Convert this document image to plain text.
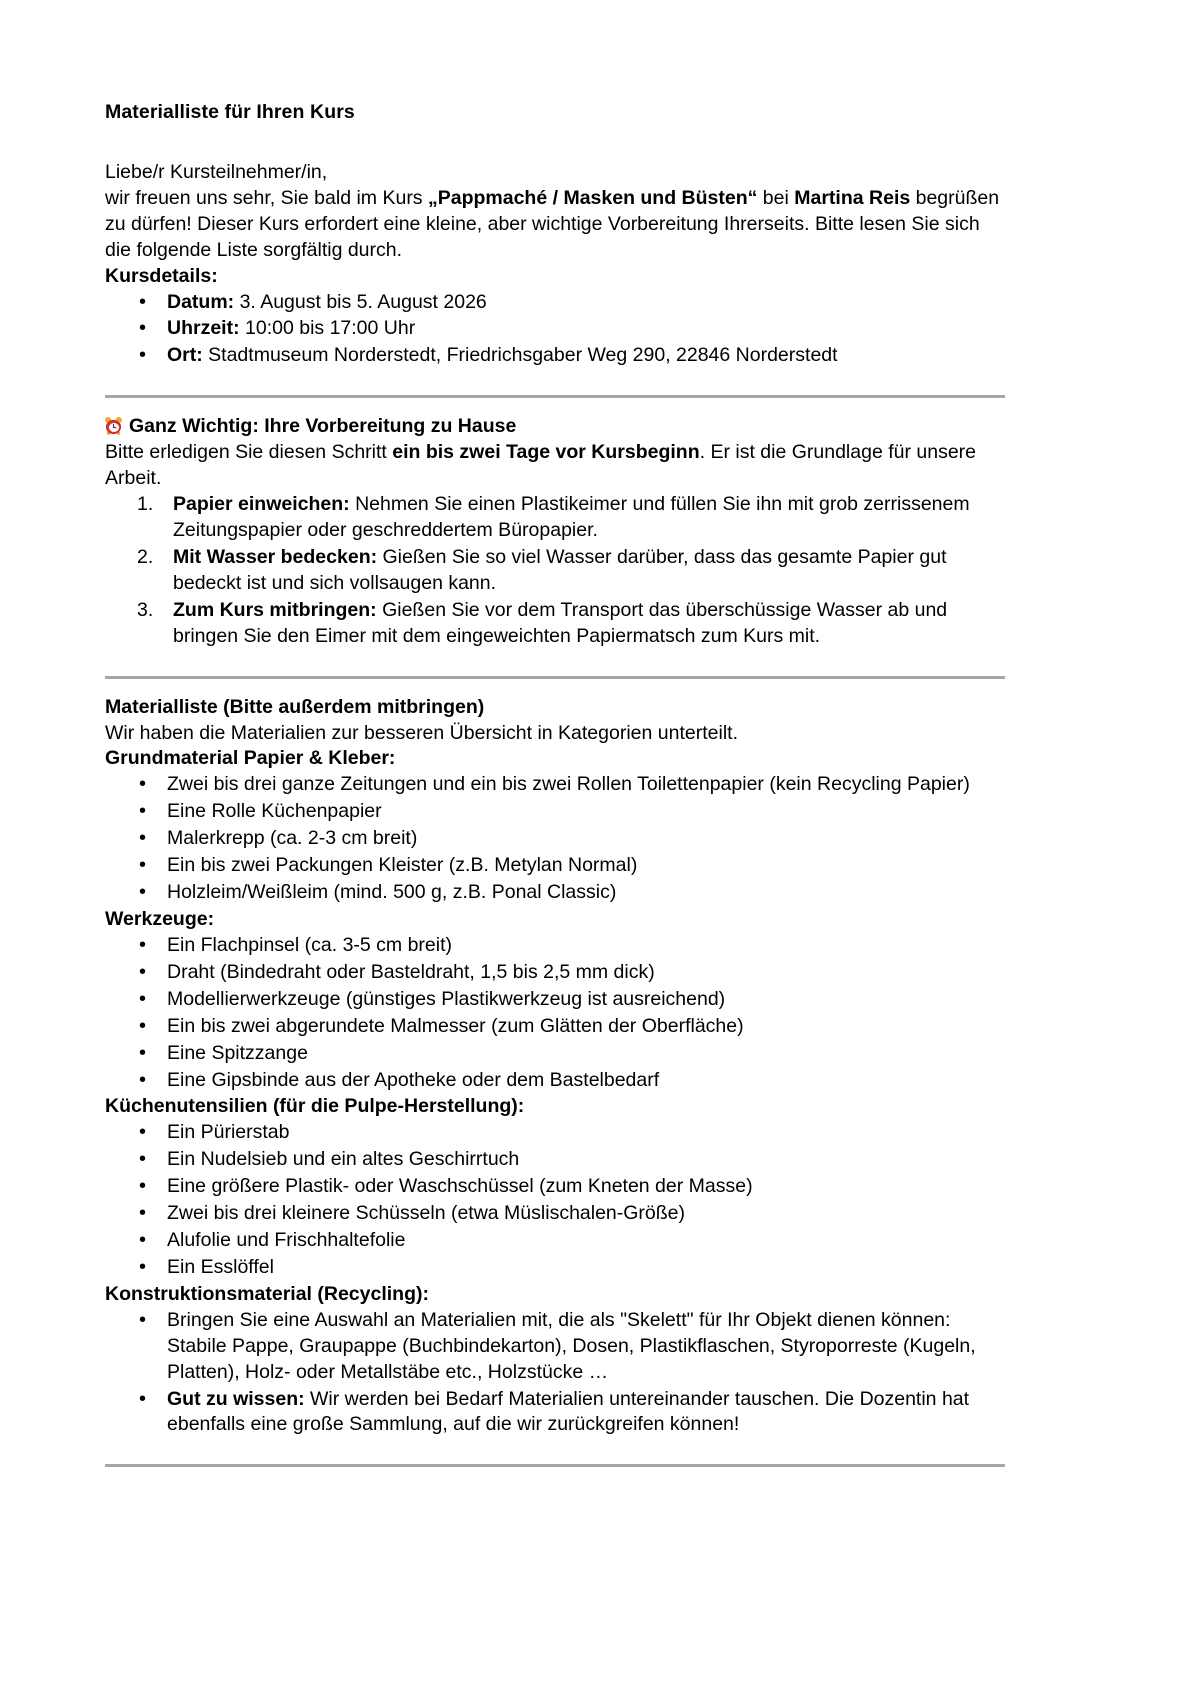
Materialliste für Ihren Kurs

Liebe/r Kursteilnehmer/in,

wir freuen uns sehr, Sie bald im Kurs „Pappmaché / Masken und Büsten“ bei Martina Reis begrüßen zu dürfen! Dieser Kurs erfordert eine kleine, aber wichtige Vorbereitung Ihrerseits. Bitte lesen Sie sich die folgende Liste sorgfältig durch.

Kursdetails:

• Datum: 3. August bis 5. August 2026
• Uhrzeit: 10:00 bis 17:00 Uhr
• Ort: Stadtmuseum Norderstedt, Friedrichsgaber Weg 290, 22846 Norderstedt

Ganz Wichtig: Ihre Vorbereitung zu Hause

Bitte erledigen Sie diesen Schritt ein bis zwei Tage vor Kursbeginn. Er ist die Grundlage für unsere Arbeit.

Papier einweichen: Nehmen Sie einen Plastikeimer und füllen Sie ihn mit grob zerrissenem Zeitungspapier oder geschreddertem Büropapier.
Mit Wasser bedecken: Gießen Sie so viel Wasser darüber, dass das gesamte Papier gut bedeckt ist und sich vollsaugen kann.
Zum Kurs mitbringen: Gießen Sie vor dem Transport das überschüssige Wasser ab und bringen Sie den Eimer mit dem eingeweichten Papiermatsch zum Kurs mit.

Materialliste (Bitte außerdem mitbringen)

Wir haben die Materialien zur besseren Übersicht in Kategorien unterteilt.

Grundmaterial Papier & Kleber:

• Zwei bis drei ganze Zeitungen und ein bis zwei Rollen Toilettenpapier (kein Recycling Papier)
• Eine Rolle Küchenpapier
• Malerkrepp (ca. 2-3 cm breit)
• Ein bis zwei Packungen Kleister (z.B. Metylan Normal)
• Holzleim/Weißleim (mind. 500 g, z.B. Ponal Classic)

Werkzeuge:

• Ein Flachpinsel (ca. 3-5 cm breit)
• Draht (Bindedraht oder Basteldraht, 1,5 bis 2,5 mm dick)
• Modellierwerkzeuge (günstiges Plastikwerkzeug ist ausreichend)
• Ein bis zwei abgerundete Malmesser (zum Glätten der Oberfläche)
• Eine Spitzzange
• Eine Gipsbinde aus der Apotheke oder dem Bastelbedarf

Küchenutensilien (für die Pulpe-Herstellung):

• Ein Pürierstab
• Ein Nudelsieb und ein altes Geschirrtuch
• Eine größere Plastik- oder Waschschüssel (zum Kneten der Masse)
• Zwei bis drei kleinere Schüsseln (etwa Müslischalen-Größe)
• Alufolie und Frischhaltefolie
• Ein Esslöffel

Konstruktionsmaterial (Recycling):

• Bringen Sie eine Auswahl an Materialien mit, die als "Skelett" für Ihr Objekt dienen können: Stabile Pappe, Graupappe (Buchbindekarton), Dosen, Plastikflaschen, Styroporreste (Kugeln, Platten), Holz- oder Metallstäbe etc., Holzstücke …
• Gut zu wissen: Wir werden bei Bedarf Materialien untereinander tauschen. Die Dozentin hat ebenfalls eine große Sammlung, auf die wir zurückgreifen können!
